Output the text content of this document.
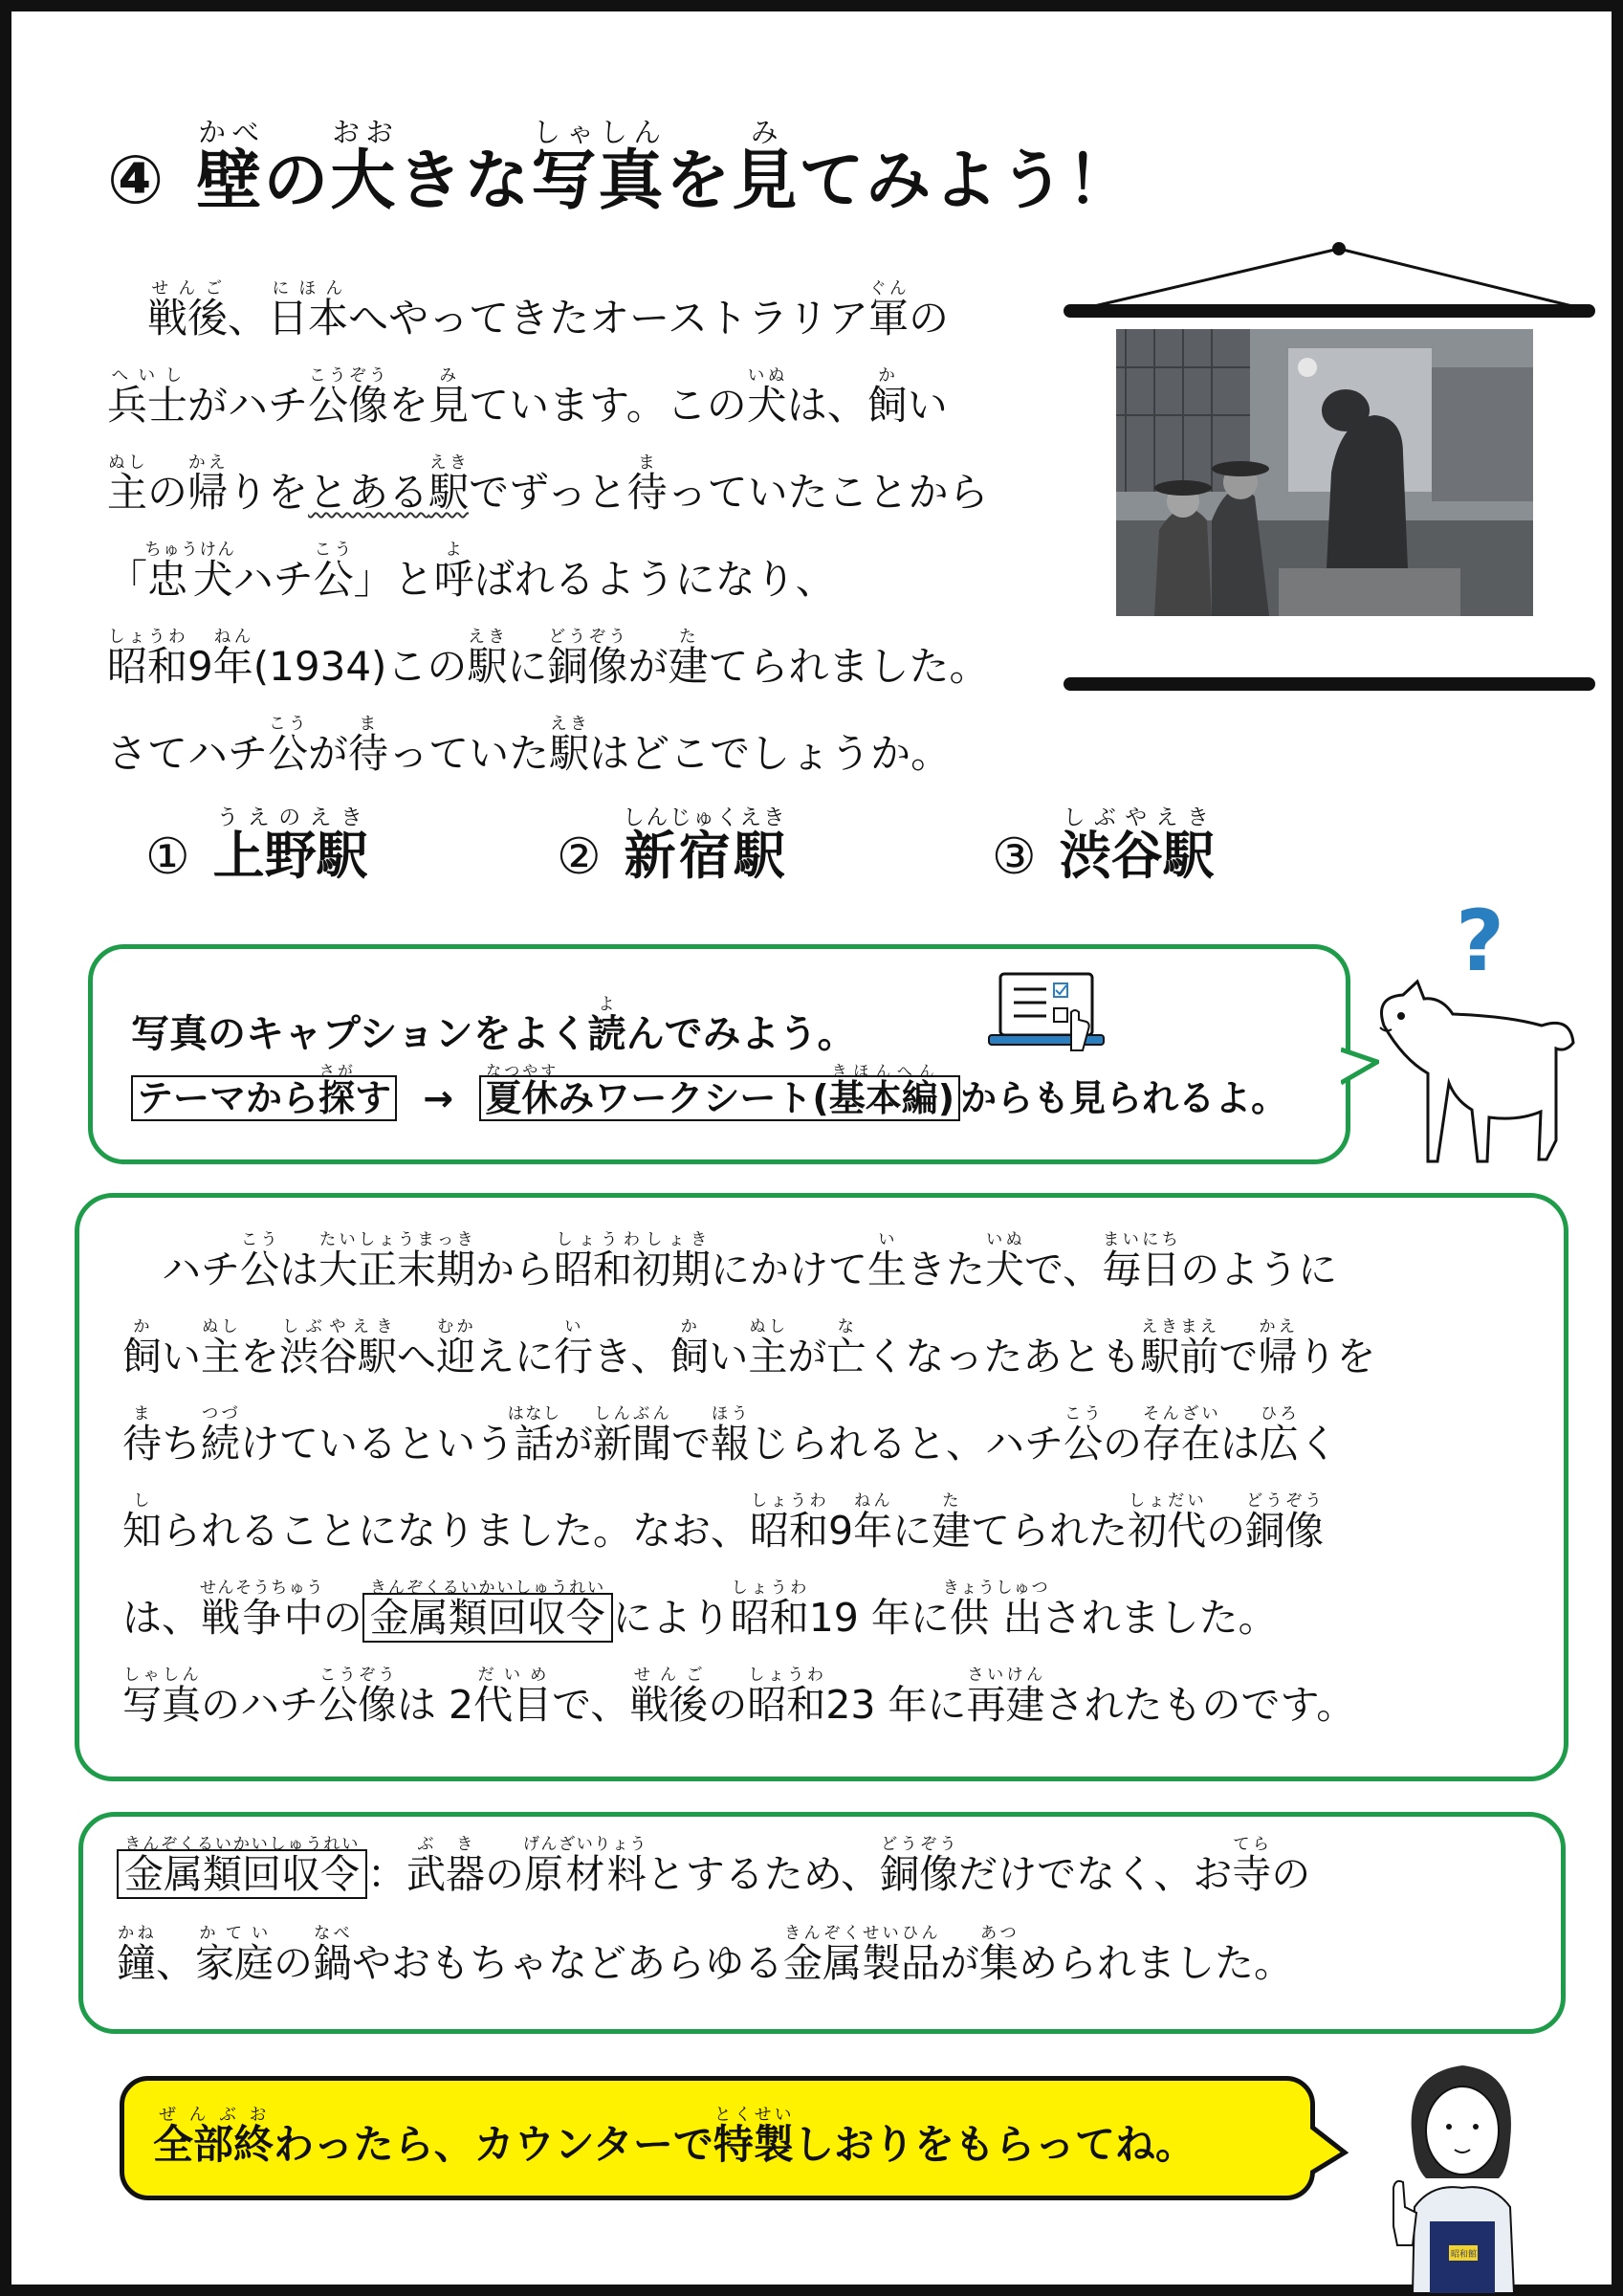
④ 壁かべの大おおきな写真しゃしんを見みてみよう！

　戦後せんご、日本にほんへやってきたオーストラリア軍ぐんの

兵士へいしがハチ公像こうぞうを見みています。この犬いぬは、飼かい

主ぬしの帰かえりをとある駅えきでずっと待まっていたことから

「忠犬ちゅうけんハチ公こう」と呼よばれるようになり、

昭和しょうわ9年ねん(1934)この駅えきに銅像どうぞうが建たてられました。

さてハチ公こうが待まっていた駅えきはどこでしょうか。

① 上野駅うえのえき
② 新宿駅しんじゅくえき
③ 渋谷駅しぶやえき
写真のキャプションをよく読よんでみよう。
テーマから探さがす → 夏休なつやすみワークシート(基本編きほんへん) からも見られるよ。
?

　ハチ公こうは大正末期たいしょうまっきから昭和初期しょうわしょきにかけて生いきた犬いぬで、毎日まいにちのように

飼かい主ぬしを渋谷駅しぶやえきへ迎むかえに行いき、飼かい主ぬしが亡なくなったあとも駅前えきまえで帰かえりを

待まち続つづけているという話はなしが新聞しんぶんで報ほうじられると、ハチ公こうの存在そんざいは広ひろく

知しられることになりました。なお、昭和しょうわ9年ねんに建たてられた初代しょだいの銅像どうぞう

は、戦争中せんそうちゅうの 金属類回収令きんぞくるいかいしゅうれいにより昭和しょうわ19 年に供出きょうしゅつされました。

写真しゃしんのハチ公像こうぞうは 2代目だいめで、戦後せんごの昭和しょうわ23 年に再建さいけんされたものです。

金属類回収令きんぞくるいかいしゅうれい：武器ぶきの原材料げんざいりょうとするため、銅像どうぞうだけでなく、お寺てらの

鐘かね、家庭かていの鍋なべやおもちゃなどあらゆる金属製品きんぞくせいひんが集あつめられました。

全部終ぜんぶおわったら、カウンターで特製とくせいしおりをもらってね。
昭和館
